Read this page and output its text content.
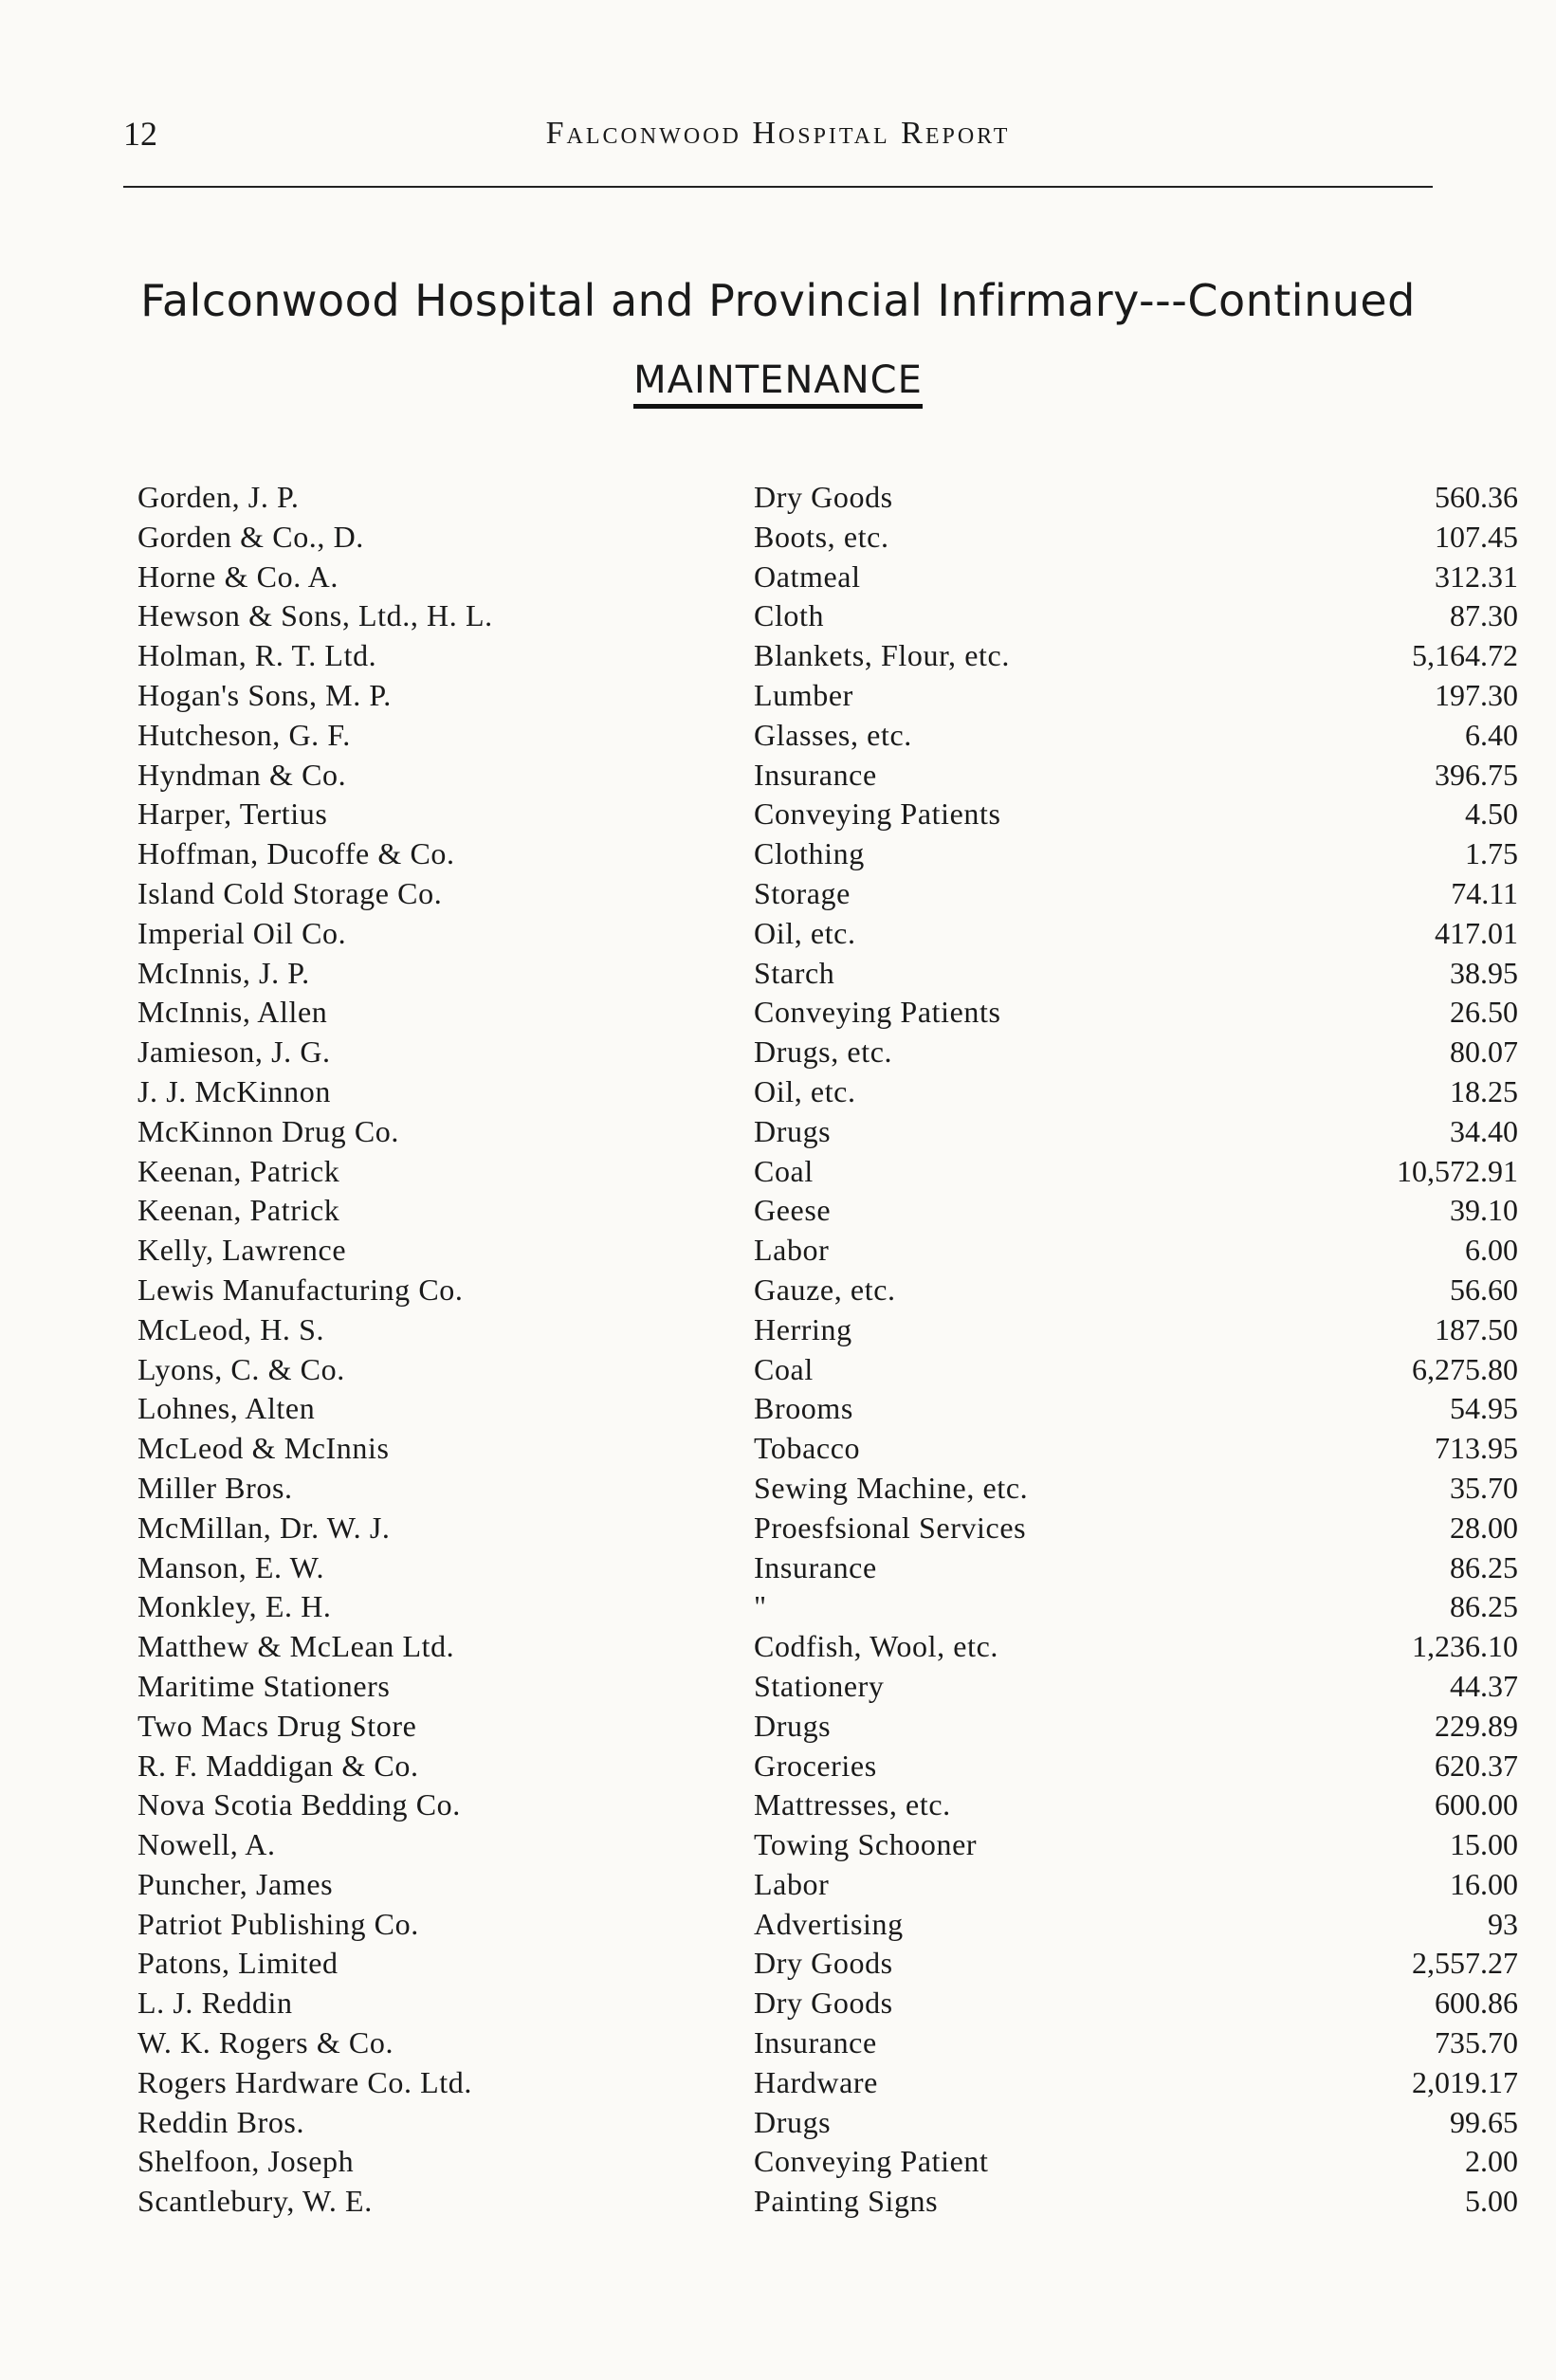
12	Falconwood Hospital Report
Falconwood Hospital and Provincial Infirmary---Continued
MAINTENANCE
Gorden, J. P.	Dry Goods	560.36
Gorden & Co., D.	Boots, etc.	107.45
Horne & Co. A.	Oatmeal	312.31
Hewson & Sons, Ltd., H. L.	Cloth	87.30
Holman, R. T. Ltd.	Blankets, Flour, etc.	5,164.72
Hogan's Sons, M. P.	Lumber	197.30
Hutcheson, G. F.	Glasses, etc.	6.40
Hyndman & Co.	Insurance	396.75
Harper, Tertius	Conveying Patients	4.50
Hoffman, Ducoffe & Co.	Clothing	1.75
Island Cold Storage Co.	Storage	74.11
Imperial Oil Co.	Oil, etc.	417.01
McInnis, J. P.	Starch	38.95
McInnis, Allen	Conveying Patients	26.50
Jamieson, J. G.	Drugs, etc.	80.07
J. J. McKinnon	Oil, etc.	18.25
McKinnon Drug Co.	Drugs	34.40
Keenan, Patrick	Coal	10,572.91
Keenan, Patrick	Geese	39.10
Kelly, Lawrence	Labor	6.00
Lewis Manufacturing Co.	Gauze, etc.	56.60
McLeod, H. S.	Herring	187.50
Lyons, C. & Co.	Coal	6,275.80
Lohnes, Alten	Brooms	54.95
McLeod & McInnis	Tobacco	713.95
Miller Bros.	Sewing Machine, etc.	35.70
McMillan, Dr. W. J.	Proesfsional Services	28.00
Manson, E. W.	Insurance	86.25
Monkley, E. H.	"	86.25
Matthew & McLean Ltd.	Codfish, Wool, etc.	1,236.10
Maritime Stationers	Stationery	44.37
Two Macs Drug Store	Drugs	229.89
R. F. Maddigan & Co.	Groceries	620.37
Nova Scotia Bedding Co.	Mattresses, etc.	600.00
Nowell, A.	Towing Schooner	15.00
Puncher, James	Labor	16.00
Patriot Publishing Co.	Advertising	93
Patons, Limited	Dry Goods	2,557.27
L. J. Reddin	Dry Goods	600.86
W. K. Rogers & Co.	Insurance	735.70
Rogers Hardware Co. Ltd.	Hardware	2,019.17
Reddin Bros.	Drugs	99.65
Shelfoon, Joseph	Conveying Patient	2.00
Scantlebury, W. E.	Painting Signs	5.00
